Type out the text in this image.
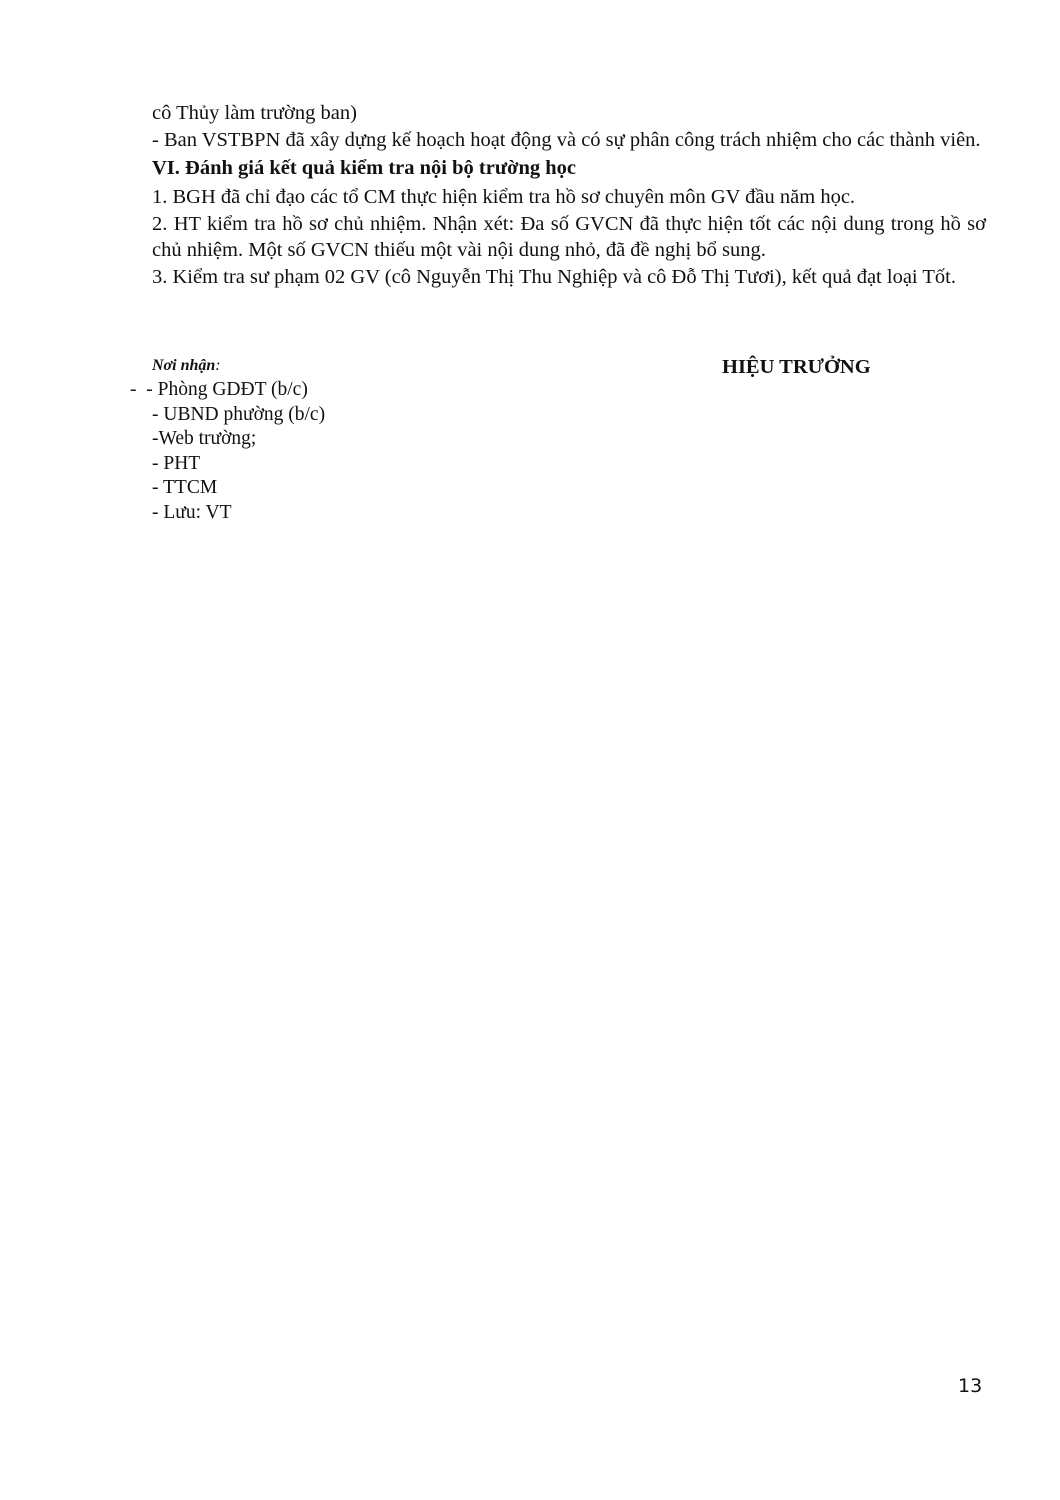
cô Thủy làm trường ban)

- Ban VSTBPN đã xây dựng kế hoạch hoạt động và có sự phân công trách nhiệm cho các thành viên.

VI. Đánh giá kết quả kiểm tra nội bộ trường học

1. BGH đã chỉ đạo các tổ CM thực hiện kiểm tra hồ sơ chuyên môn GV đầu năm học.

2. HT kiểm tra hồ sơ chủ nhiệm. Nhận xét: Đa số GVCN đã thực hiện tốt các nội dung trong hồ sơ chủ nhiệm. Một số GVCN thiếu một vài nội dung nhỏ, đã đề nghị bổ sung.

3. Kiểm tra sư phạm 02 GV (cô Nguyễn Thị Thu Nghiệp và cô Đỗ Thị Tươi), kết quả đạt loại Tốt.

Nơi nhận:

-  - Phòng GDĐT (b/c)

- UBND phường (b/c)

-Web trường;

- PHT

- TTCM

- Lưu: VT

HIỆU TRƯỞNG
13
